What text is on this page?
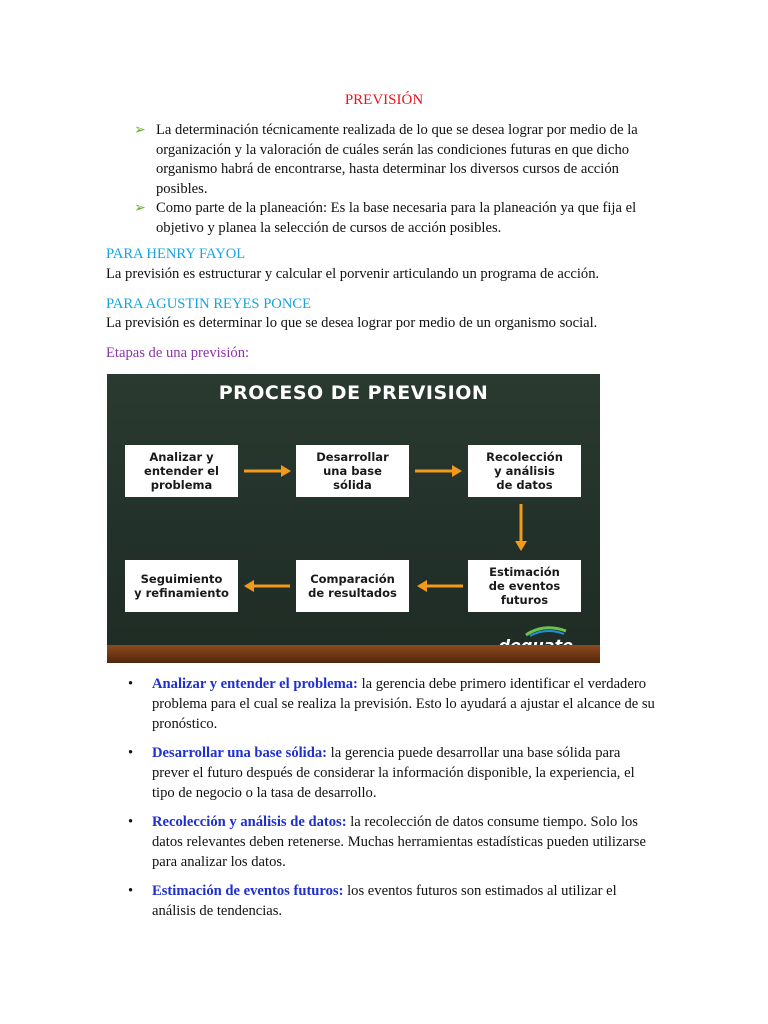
PREVISIÓN
➢ La determinación técnicamente realizada de lo que se desea lograr por medio de la organización y la valoración de cuáles serán las condiciones futuras en que dicho organismo habrá de encontrarse, hasta determinar los diversos cursos de acción posibles.
➢ Como parte de la planeación: Es la base necesaria para la planeación ya que fija el objetivo y planea la selección de cursos de acción posibles.
PARA HENRY FAYOL
La previsión es estructurar y calcular el porvenir articulando un programa de acción.
PARA AGUSTIN REYES PONCE
La previsión es determinar lo que se desea lograr por medio de un organismo social.
Etapas de una previsión:
PROCESO DE PREVISION
Analizar y
entender el
problema
Desarrollar
una base
sólida
Recolección
y análisis
de datos
Estimación
de eventos
futuros
Comparación
de resultados
Seguimiento
y refinamiento
• Analizar y entender el problema: la gerencia debe primero identificar el verdadero problema para el cual se realiza la previsión. Esto lo ayudará a ajustar el alcance de su pronóstico.
• Desarrollar una base sólida: la gerencia puede desarrollar una base sólida para prever el futuro después de considerar la información disponible, la experiencia, el tipo de negocio o la tasa de desarrollo.
• Recolección y análisis de datos: la recolección de datos consume tiempo. Solo los datos relevantes deben retenerse. Muchas herramientas estadísticas pueden utilizarse para analizar los datos.
• Estimación de eventos futuros: los eventos futuros son estimados al utilizar el análisis de tendencias.
